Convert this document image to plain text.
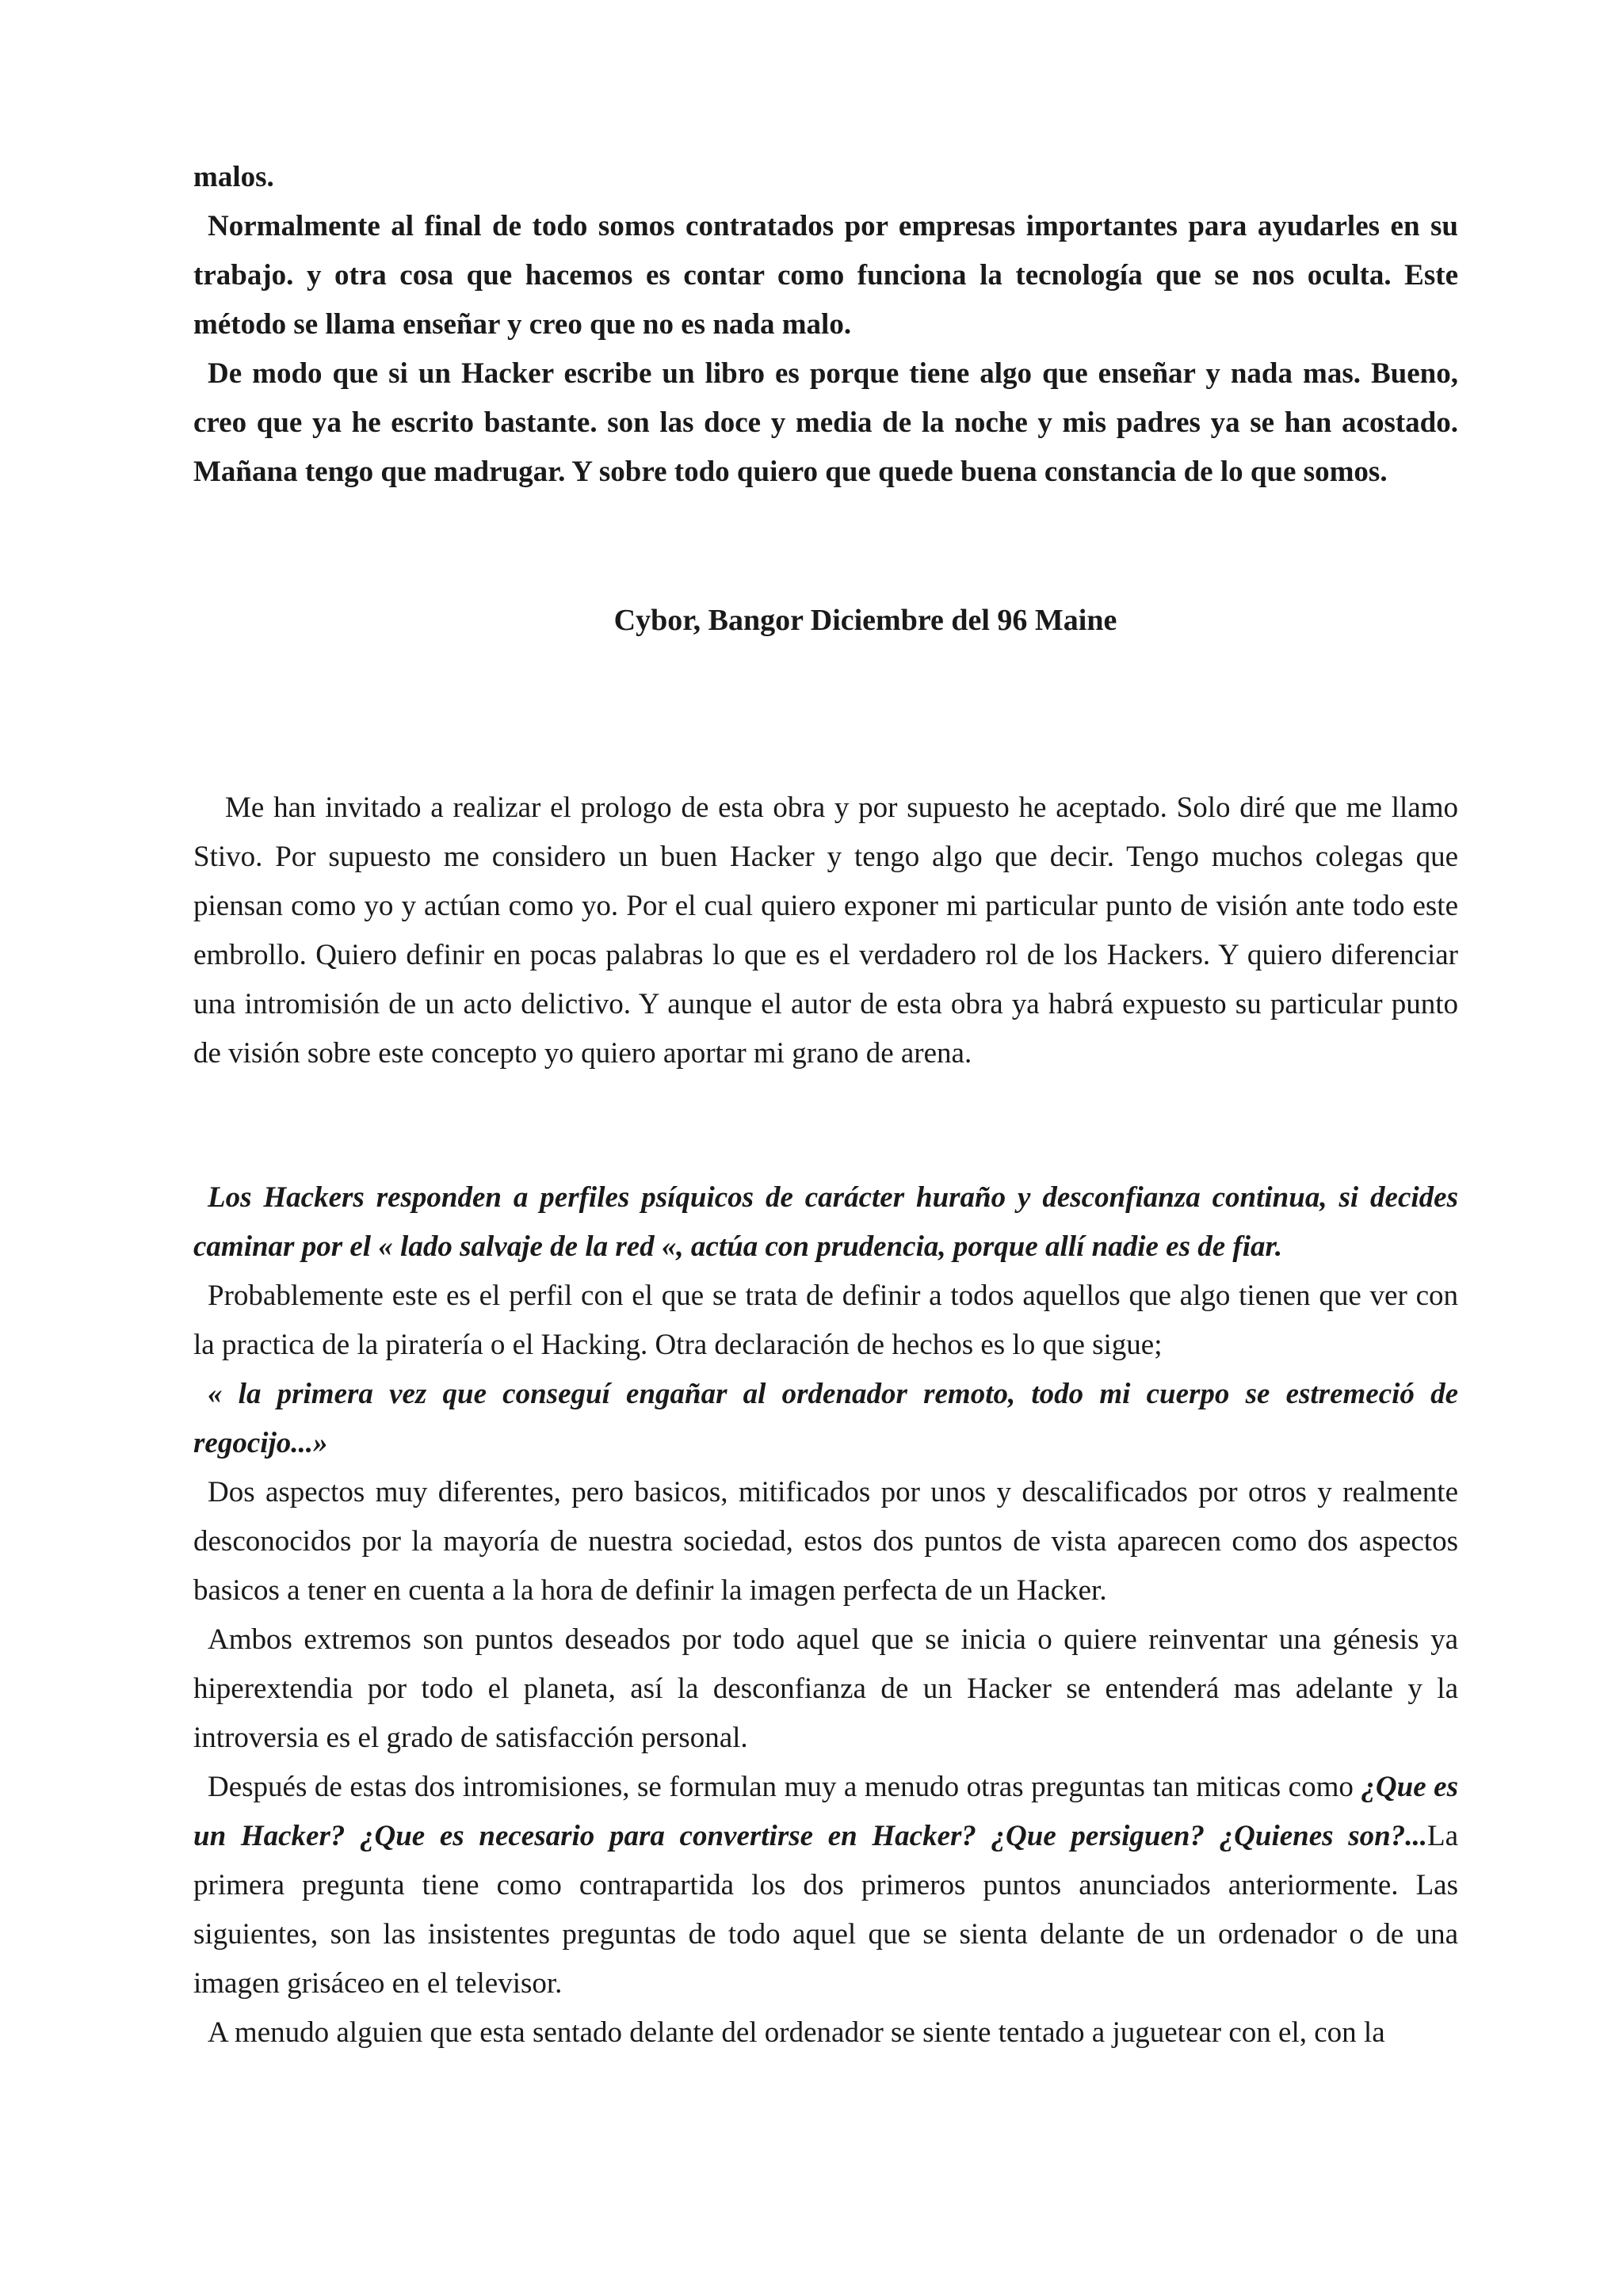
malos.

Normalmente al final de todo somos contratados por empresas importantes para ayudarles en su trabajo. y otra cosa que hacemos es contar como funciona la tecnología que se nos oculta. Este método se llama enseñar y creo que no es nada malo.

De modo que si un Hacker escribe un libro es porque tiene algo que enseñar y nada mas. Bueno, creo que ya he escrito bastante. son las doce y media de la noche y mis padres ya se han acostado. Mañana tengo que madrugar. Y sobre todo quiero que quede buena constancia de lo que somos.

Cybor, Bangor Diciembre del 96 Maine

Me han invitado a realizar el prologo de esta obra y por supuesto he aceptado. Solo diré que me llamo Stivo. Por supuesto me considero un buen Hacker y tengo algo que decir. Tengo muchos colegas que piensan como yo y actúan como yo. Por el cual quiero exponer mi particular punto de visión ante todo este embrollo. Quiero definir en pocas palabras lo que es el verdadero rol de los Hackers. Y quiero diferenciar una intromisión de un acto delictivo. Y aunque el autor de esta obra ya habrá expuesto su particular punto de visión sobre este concepto yo quiero aportar mi grano de arena.

Los Hackers responden a perfiles psíquicos de carácter huraño y desconfianza continua, si decides caminar por el « lado salvaje de la red «, actúa con prudencia, porque allí nadie es de fiar.

Probablemente este es el perfil con el que se trata de definir a todos aquellos que algo tienen que ver con la practica de la piratería o el Hacking. Otra declaración de hechos es lo que sigue;

« la primera vez que conseguí engañar al ordenador remoto, todo mi cuerpo se estremeció de regocijo...»

Dos aspectos muy diferentes, pero basicos, mitificados por unos y descalificados por otros y realmente desconocidos por la mayoría de nuestra sociedad, estos dos puntos de vista aparecen como dos aspectos basicos a tener en cuenta a la hora de definir la imagen perfecta de un Hacker.

Ambos extremos son puntos deseados por todo aquel que se inicia o quiere reinventar una génesis ya hiperextendia por todo el planeta, así la desconfianza de un Hacker se entenderá mas adelante y la introversia es el grado de satisfacción personal.

Después de estas dos intromisiones, se formulan muy a menudo otras preguntas tan miticas como ¿Que es un Hacker? ¿Que es necesario para convertirse en Hacker? ¿Que persiguen? ¿Quienes son?...La primera pregunta tiene como contrapartida los dos primeros puntos anunciados anteriormente. Las siguientes, son las insistentes preguntas de todo aquel que se sienta delante de un ordenador o de una imagen grisáceo en el televisor.

A menudo alguien que esta sentado delante del ordenador se siente tentado a juguetear con el, con la
